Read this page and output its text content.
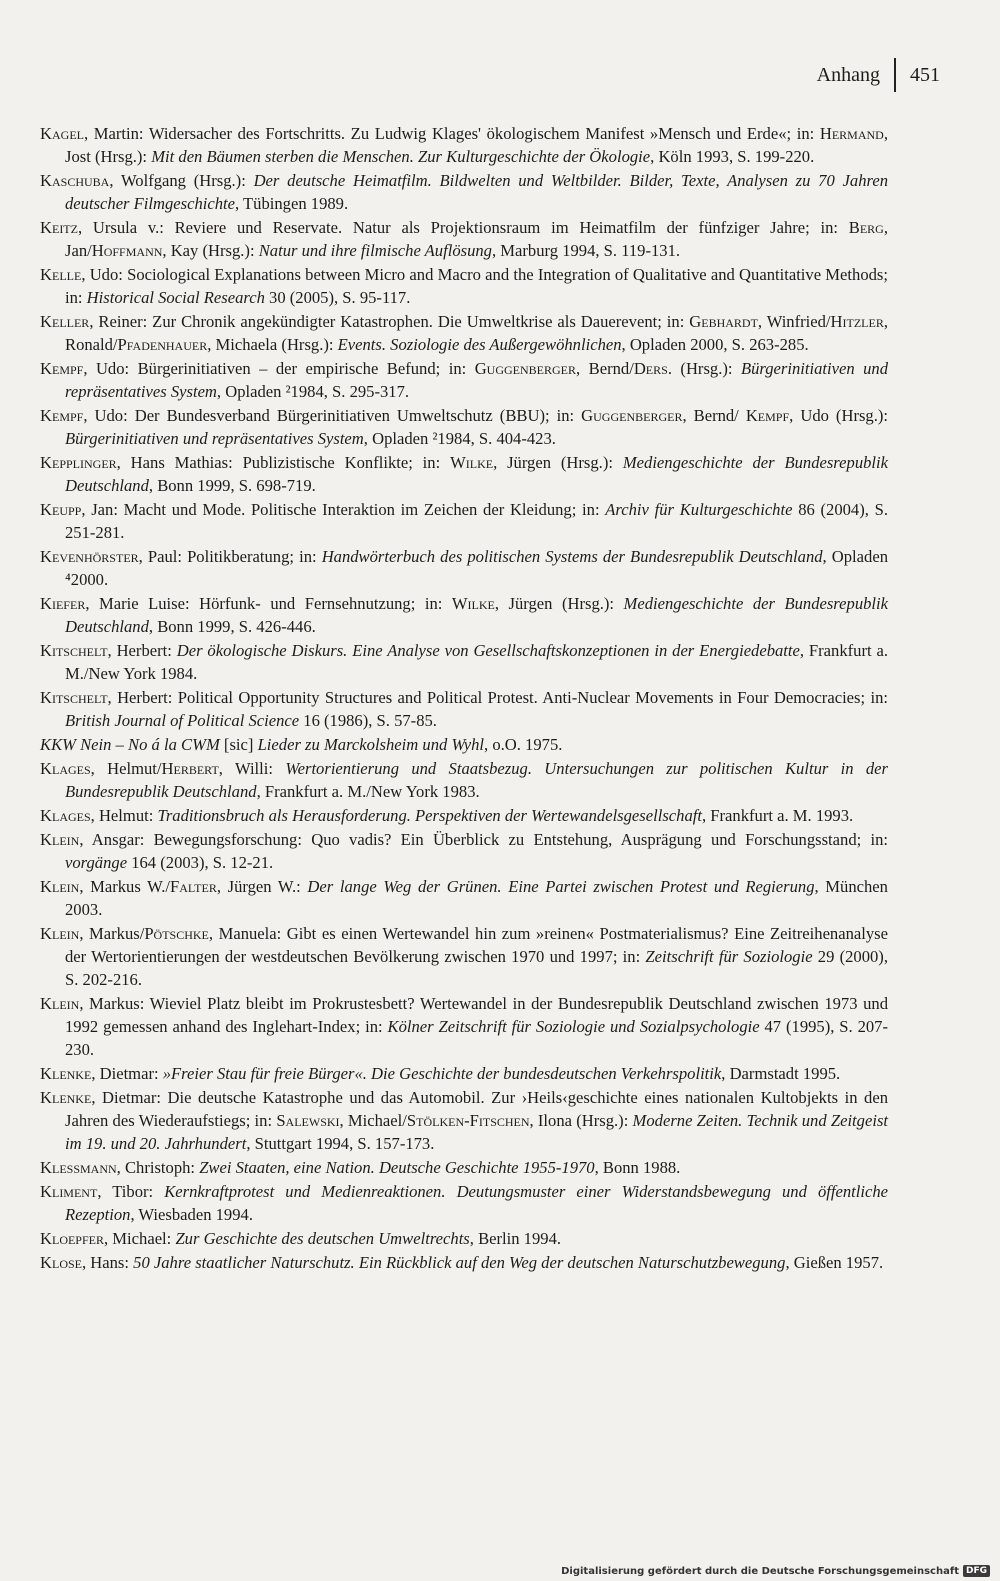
Anhang 451

Kagel, Martin: Widersacher des Fortschritts. Zu Ludwig Klages' ökologischem Manifest »Mensch und Erde«; in: Hermand, Jost (Hrsg.): Mit den Bäumen sterben die Menschen. Zur Kulturgeschichte der Ökologie, Köln 1993, S. 199-220.

Kaschuba, Wolfgang (Hrsg.): Der deutsche Heimatfilm. Bildwelten und Weltbilder. Bilder, Texte, Analysen zu 70 Jahren deutscher Filmgeschichte, Tübingen 1989.

Keitz, Ursula v.: Reviere und Reservate. Natur als Projektionsraum im Heimatfilm der fünfziger Jahre; in: Berg, Jan/Hoffmann, Kay (Hrsg.): Natur und ihre filmische Auflösung, Marburg 1994, S. 119-131.

Kelle, Udo: Sociological Explanations between Micro and Macro and the Integration of Qualitative and Quantitative Methods; in: Historical Social Research 30 (2005), S. 95-117.

Keller, Reiner: Zur Chronik angekündigter Katastrophen. Die Umweltkrise als Dauerevent; in: Gebhardt, Winfried/Hitzler, Ronald/Pfadenhauer, Michaela (Hrsg.): Events. Soziologie des Außergewöhnlichen, Opladen 2000, S. 263-285.

Kempf, Udo: Bürgerinitiativen – der empirische Befund; in: Guggenberger, Bernd/Ders. (Hrsg.): Bürgerinitiativen und repräsentatives System, Opladen ²1984, S. 295-317.

Kempf, Udo: Der Bundesverband Bürgerinitiativen Umweltschutz (BBU); in: Guggenberger, Bernd/ Kempf, Udo (Hrsg.): Bürgerinitiativen und repräsentatives System, Opladen ²1984, S. 404-423.

Kepplinger, Hans Mathias: Publizistische Konflikte; in: Wilke, Jürgen (Hrsg.): Mediengeschichte der Bundesrepublik Deutschland, Bonn 1999, S. 698-719.

Keupp, Jan: Macht und Mode. Politische Interaktion im Zeichen der Kleidung; in: Archiv für Kulturgeschichte 86 (2004), S. 251-281.

Kevenhörster, Paul: Politikberatung; in: Handwörterbuch des politischen Systems der Bundesrepublik Deutschland, Opladen ⁴2000.

Kiefer, Marie Luise: Hörfunk- und Fernsehnutzung; in: Wilke, Jürgen (Hrsg.): Mediengeschichte der Bundesrepublik Deutschland, Bonn 1999, S. 426-446.

Kitschelt, Herbert: Der ökologische Diskurs. Eine Analyse von Gesellschaftskonzeptionen in der Energiedebatte, Frankfurt a. M./New York 1984.

Kitschelt, Herbert: Political Opportunity Structures and Political Protest. Anti-Nuclear Movements in Four Democracies; in: British Journal of Political Science 16 (1986), S. 57-85.

KKW Nein – No á la CWM [sic] Lieder zu Marckolsheim und Wyhl, o.O. 1975.

Klages, Helmut/Herbert, Willi: Wertorientierung und Staatsbezug. Untersuchungen zur politischen Kultur in der Bundesrepublik Deutschland, Frankfurt a. M./New York 1983.

Klages, Helmut: Traditionsbruch als Herausforderung. Perspektiven der Wertewandelsgesellschaft, Frankfurt a. M. 1993.

Klein, Ansgar: Bewegungsforschung: Quo vadis? Ein Überblick zu Entstehung, Ausprägung und Forschungsstand; in: vorgänge 164 (2003), S. 12-21.

Klein, Markus W./Falter, Jürgen W.: Der lange Weg der Grünen. Eine Partei zwischen Protest und Regierung, München 2003.

Klein, Markus/Pötschke, Manuela: Gibt es einen Wertewandel hin zum »reinen« Postmaterialismus? Eine Zeitreihenanalyse der Wertorientierungen der westdeutschen Bevölkerung zwischen 1970 und 1997; in: Zeitschrift für Soziologie 29 (2000), S. 202-216.

Klein, Markus: Wieviel Platz bleibt im Prokrustesbett? Wertewandel in der Bundesrepublik Deutschland zwischen 1973 und 1992 gemessen anhand des Inglehart-Index; in: Kölner Zeitschrift für Soziologie und Sozialpsychologie 47 (1995), S. 207-230.

Klenke, Dietmar: »Freier Stau für freie Bürger«. Die Geschichte der bundesdeutschen Verkehrspolitik, Darmstadt 1995.

Klenke, Dietmar: Die deutsche Katastrophe und das Automobil. Zur ›Heils‹geschichte eines nationalen Kultobjekts in den Jahren des Wiederaufstiegs; in: Salewski, Michael/Stölken-Fitschen, Ilona (Hrsg.): Moderne Zeiten. Technik und Zeitgeist im 19. und 20. Jahrhundert, Stuttgart 1994, S. 157-173.

Klessmann, Christoph: Zwei Staaten, eine Nation. Deutsche Geschichte 1955-1970, Bonn 1988.

Kliment, Tibor: Kernkraftprotest und Medienreaktionen. Deutungsmuster einer Widerstandsbewegung und öffentliche Rezeption, Wiesbaden 1994.

Kloepfer, Michael: Zur Geschichte des deutschen Umweltrechts, Berlin 1994.

Klose, Hans: 50 Jahre staatlicher Naturschutz. Ein Rückblick auf den Weg der deutschen Naturschutzbewegung, Gießen 1957.

Digitalisierung gefördert durch die Deutsche Forschungsgemeinschaft DFG
